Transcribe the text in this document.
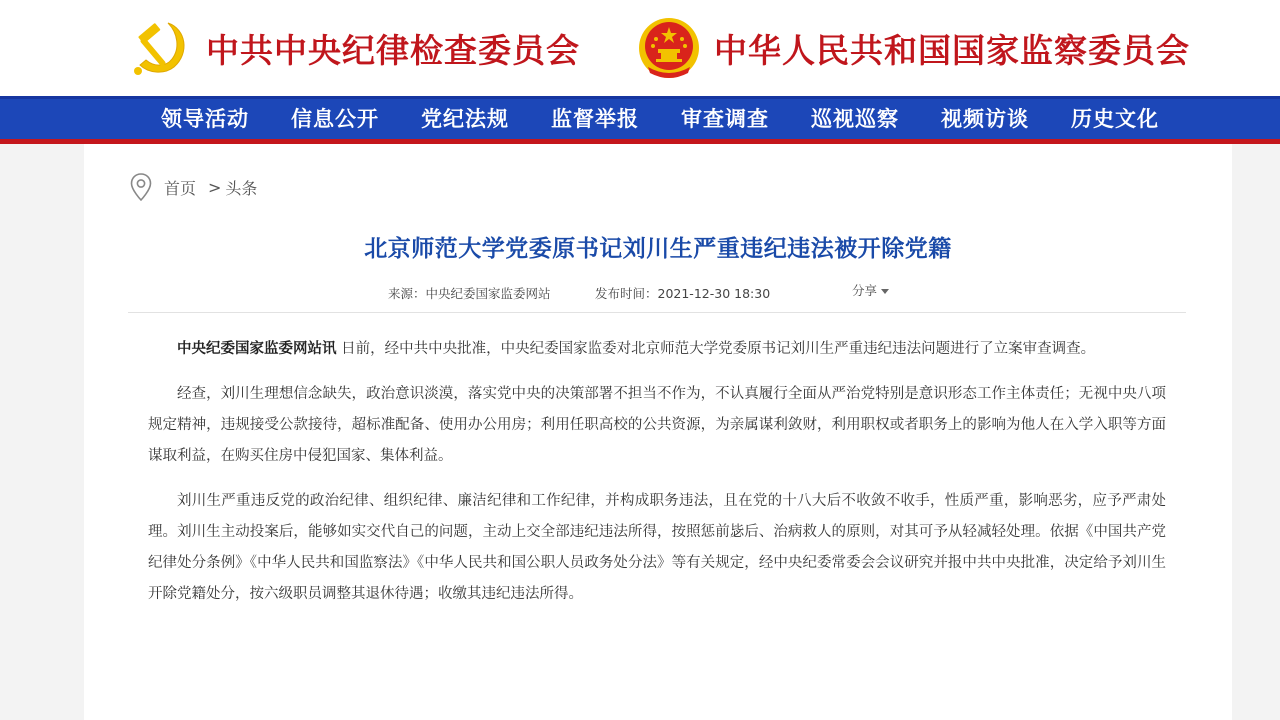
中共中央纪律检查委员会	中华人民共和国国家监察委员会
领导活动	信息公开	党纪法规	监督举报	审查调查	巡视巡察	视频访谈	历史文化
首页 > 头条
北京师范大学党委原书记刘川生严重违纪违法被开除党籍
来源：中央纪委国家监委网站	发布时间：2021-12-30 18:30	分享

中央纪委国家监委网站讯 日前，经中共中央批准，中央纪委国家监委对北京师范大学党委原书记刘川生严重违纪违法问题进行了立案审查调查。

经查，刘川生理想信念缺失，政治意识淡漠，落实党中央的决策部署不担当不作为，不认真履行全面从严治党特别是意识形态工作主体责任；无视中央八项规定精神，违规接受公款接待，超标准配备、使用办公用房；利用任职高校的公共资源，为亲属谋利敛财，利用职权或者职务上的影响为他人在入学入职等方面谋取利益，在购买住房中侵犯国家、集体利益。

刘川生严重违反党的政治纪律、组织纪律、廉洁纪律和工作纪律，并构成职务违法，且在党的十八大后不收敛不收手，性质严重，影响恶劣，应予严肃处理。刘川生主动投案后，能够如实交代自己的问题，主动上交全部违纪违法所得，按照惩前毖后、治病救人的原则，对其可予从轻减轻处理。依据《中国共产党纪律处分条例》《中华人民共和国监察法》《中华人民共和国公职人员政务处分法》等有关规定，经中央纪委常委会会议研究并报中共中央批准，决定给予刘川生开除党籍处分，按六级职员调整其退休待遇；收缴其违纪违法所得。
